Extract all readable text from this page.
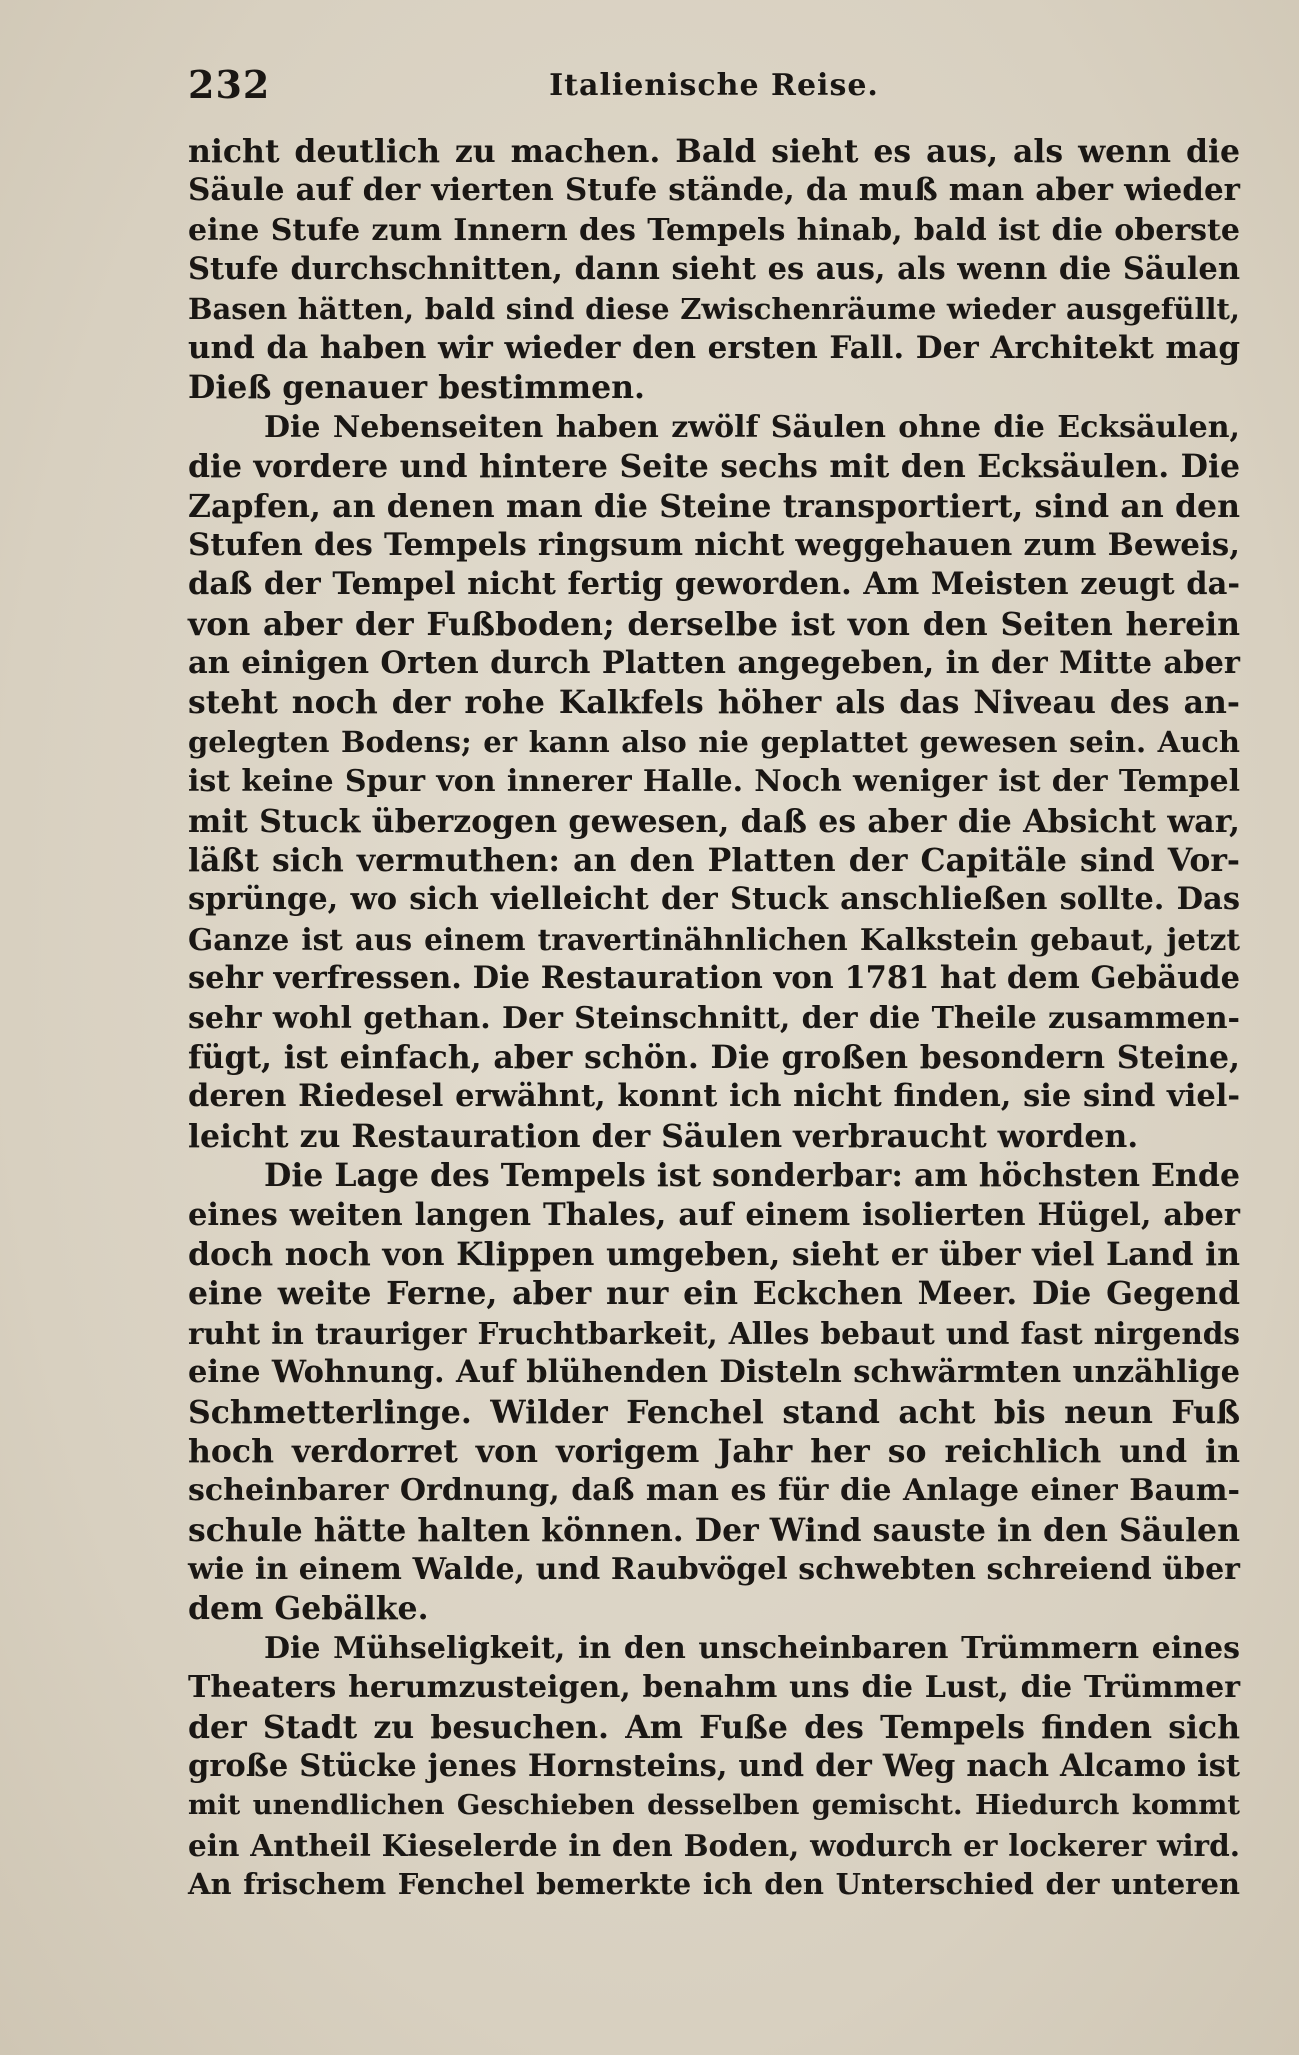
232	Italienische Reise.
nicht deutlich zu machen. Bald sieht es aus, als wenn die
Säule auf der vierten Stufe stände, da muß man aber wieder
eine Stufe zum Innern des Tempels hinab, bald ist die oberste
Stufe durchschnitten, dann sieht es aus, als wenn die Säulen
Basen hätten, bald sind diese Zwischenräume wieder ausgefüllt,
und da haben wir wieder den ersten Fall. Der Architekt mag
Dieß genauer bestimmen.
Die Nebenseiten haben zwölf Säulen ohne die Ecksäulen,
die vordere und hintere Seite sechs mit den Ecksäulen. Die
Zapfen, an denen man die Steine transportiert, sind an den
Stufen des Tempels ringsum nicht weggehauen zum Beweis,
daß der Tempel nicht fertig geworden. Am Meisten zeugt da-
von aber der Fußboden; derselbe ist von den Seiten herein
an einigen Orten durch Platten angegeben, in der Mitte aber
steht noch der rohe Kalkfels höher als das Niveau des an-
gelegten Bodens; er kann also nie geplattet gewesen sein. Auch
ist keine Spur von innerer Halle. Noch weniger ist der Tempel
mit Stuck überzogen gewesen, daß es aber die Absicht war,
läßt sich vermuthen: an den Platten der Capitäle sind Vor-
sprünge, wo sich vielleicht der Stuck anschließen sollte. Das
Ganze ist aus einem travertinähnlichen Kalkstein gebaut, jetzt
sehr verfressen. Die Restauration von 1781 hat dem Gebäude
sehr wohl gethan. Der Steinschnitt, der die Theile zusammen-
fügt, ist einfach, aber schön. Die großen besondern Steine,
deren Riedesel erwähnt, konnt ich nicht finden, sie sind viel-
leicht zu Restauration der Säulen verbraucht worden.
Die Lage des Tempels ist sonderbar: am höchsten Ende
eines weiten langen Thales, auf einem isolierten Hügel, aber
doch noch von Klippen umgeben, sieht er über viel Land in
eine weite Ferne, aber nur ein Eckchen Meer. Die Gegend
ruht in trauriger Fruchtbarkeit, Alles bebaut und fast nirgends
eine Wohnung. Auf blühenden Disteln schwärmten unzählige
Schmetterlinge. Wilder Fenchel stand acht bis neun Fuß
hoch verdorret von vorigem Jahr her so reichlich und in
scheinbarer Ordnung, daß man es für die Anlage einer Baum-
schule hätte halten können. Der Wind sauste in den Säulen
wie in einem Walde, und Raubvögel schwebten schreiend über
dem Gebälke.
Die Mühseligkeit, in den unscheinbaren Trümmern eines
Theaters herumzusteigen, benahm uns die Lust, die Trümmer
der Stadt zu besuchen. Am Fuße des Tempels finden sich
große Stücke jenes Hornsteins, und der Weg nach Alcamo ist
mit unendlichen Geschieben desselben gemischt. Hiedurch kommt
ein Antheil Kieselerde in den Boden, wodurch er lockerer wird.
An frischem Fenchel bemerkte ich den Unterschied der unteren
